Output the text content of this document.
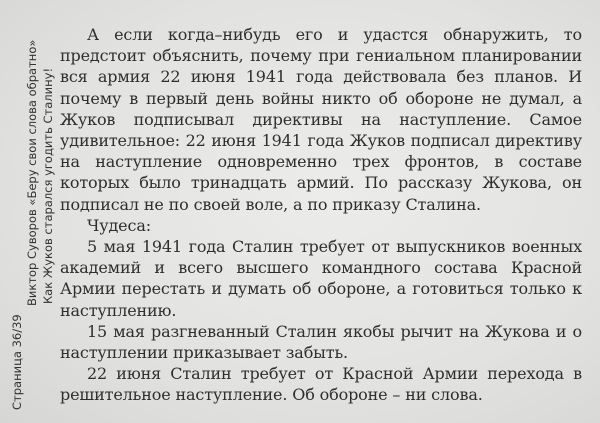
Страница 36/39
Виктор Суворов «Беру свои слова обратно» Как Жуков старался угодить Сталину!

А если когда–нибудь его и удастся обнаружить, то предстоит объяснить, почему при гениальном планировании вся армия 22 июня 1941 года действовала без планов. И почему в первый день войны никто об обороне не думал, а Жуков подписывал директивы на наступление. Самое удивительное: 22 июня 1941 года Жуков подписал директиву на наступление одновременно трех фронтов, в составе которых было тринадцать армий. По рассказу Жукова, он подписал не по своей воле, а по приказу Сталина.

Чудеса:

5 мая 1941 года Сталин требует от выпускников военных академий и всего высшего командного состава Красной Армии перестать и думать об обороне, а готовиться только к наступлению.

15 мая разгневанный Сталин якобы рычит на Жукова и о наступлении приказывает забыть.

22 июня Сталин требует от Красной Армии перехода в решительное наступление. Об обороне – ни слова.
